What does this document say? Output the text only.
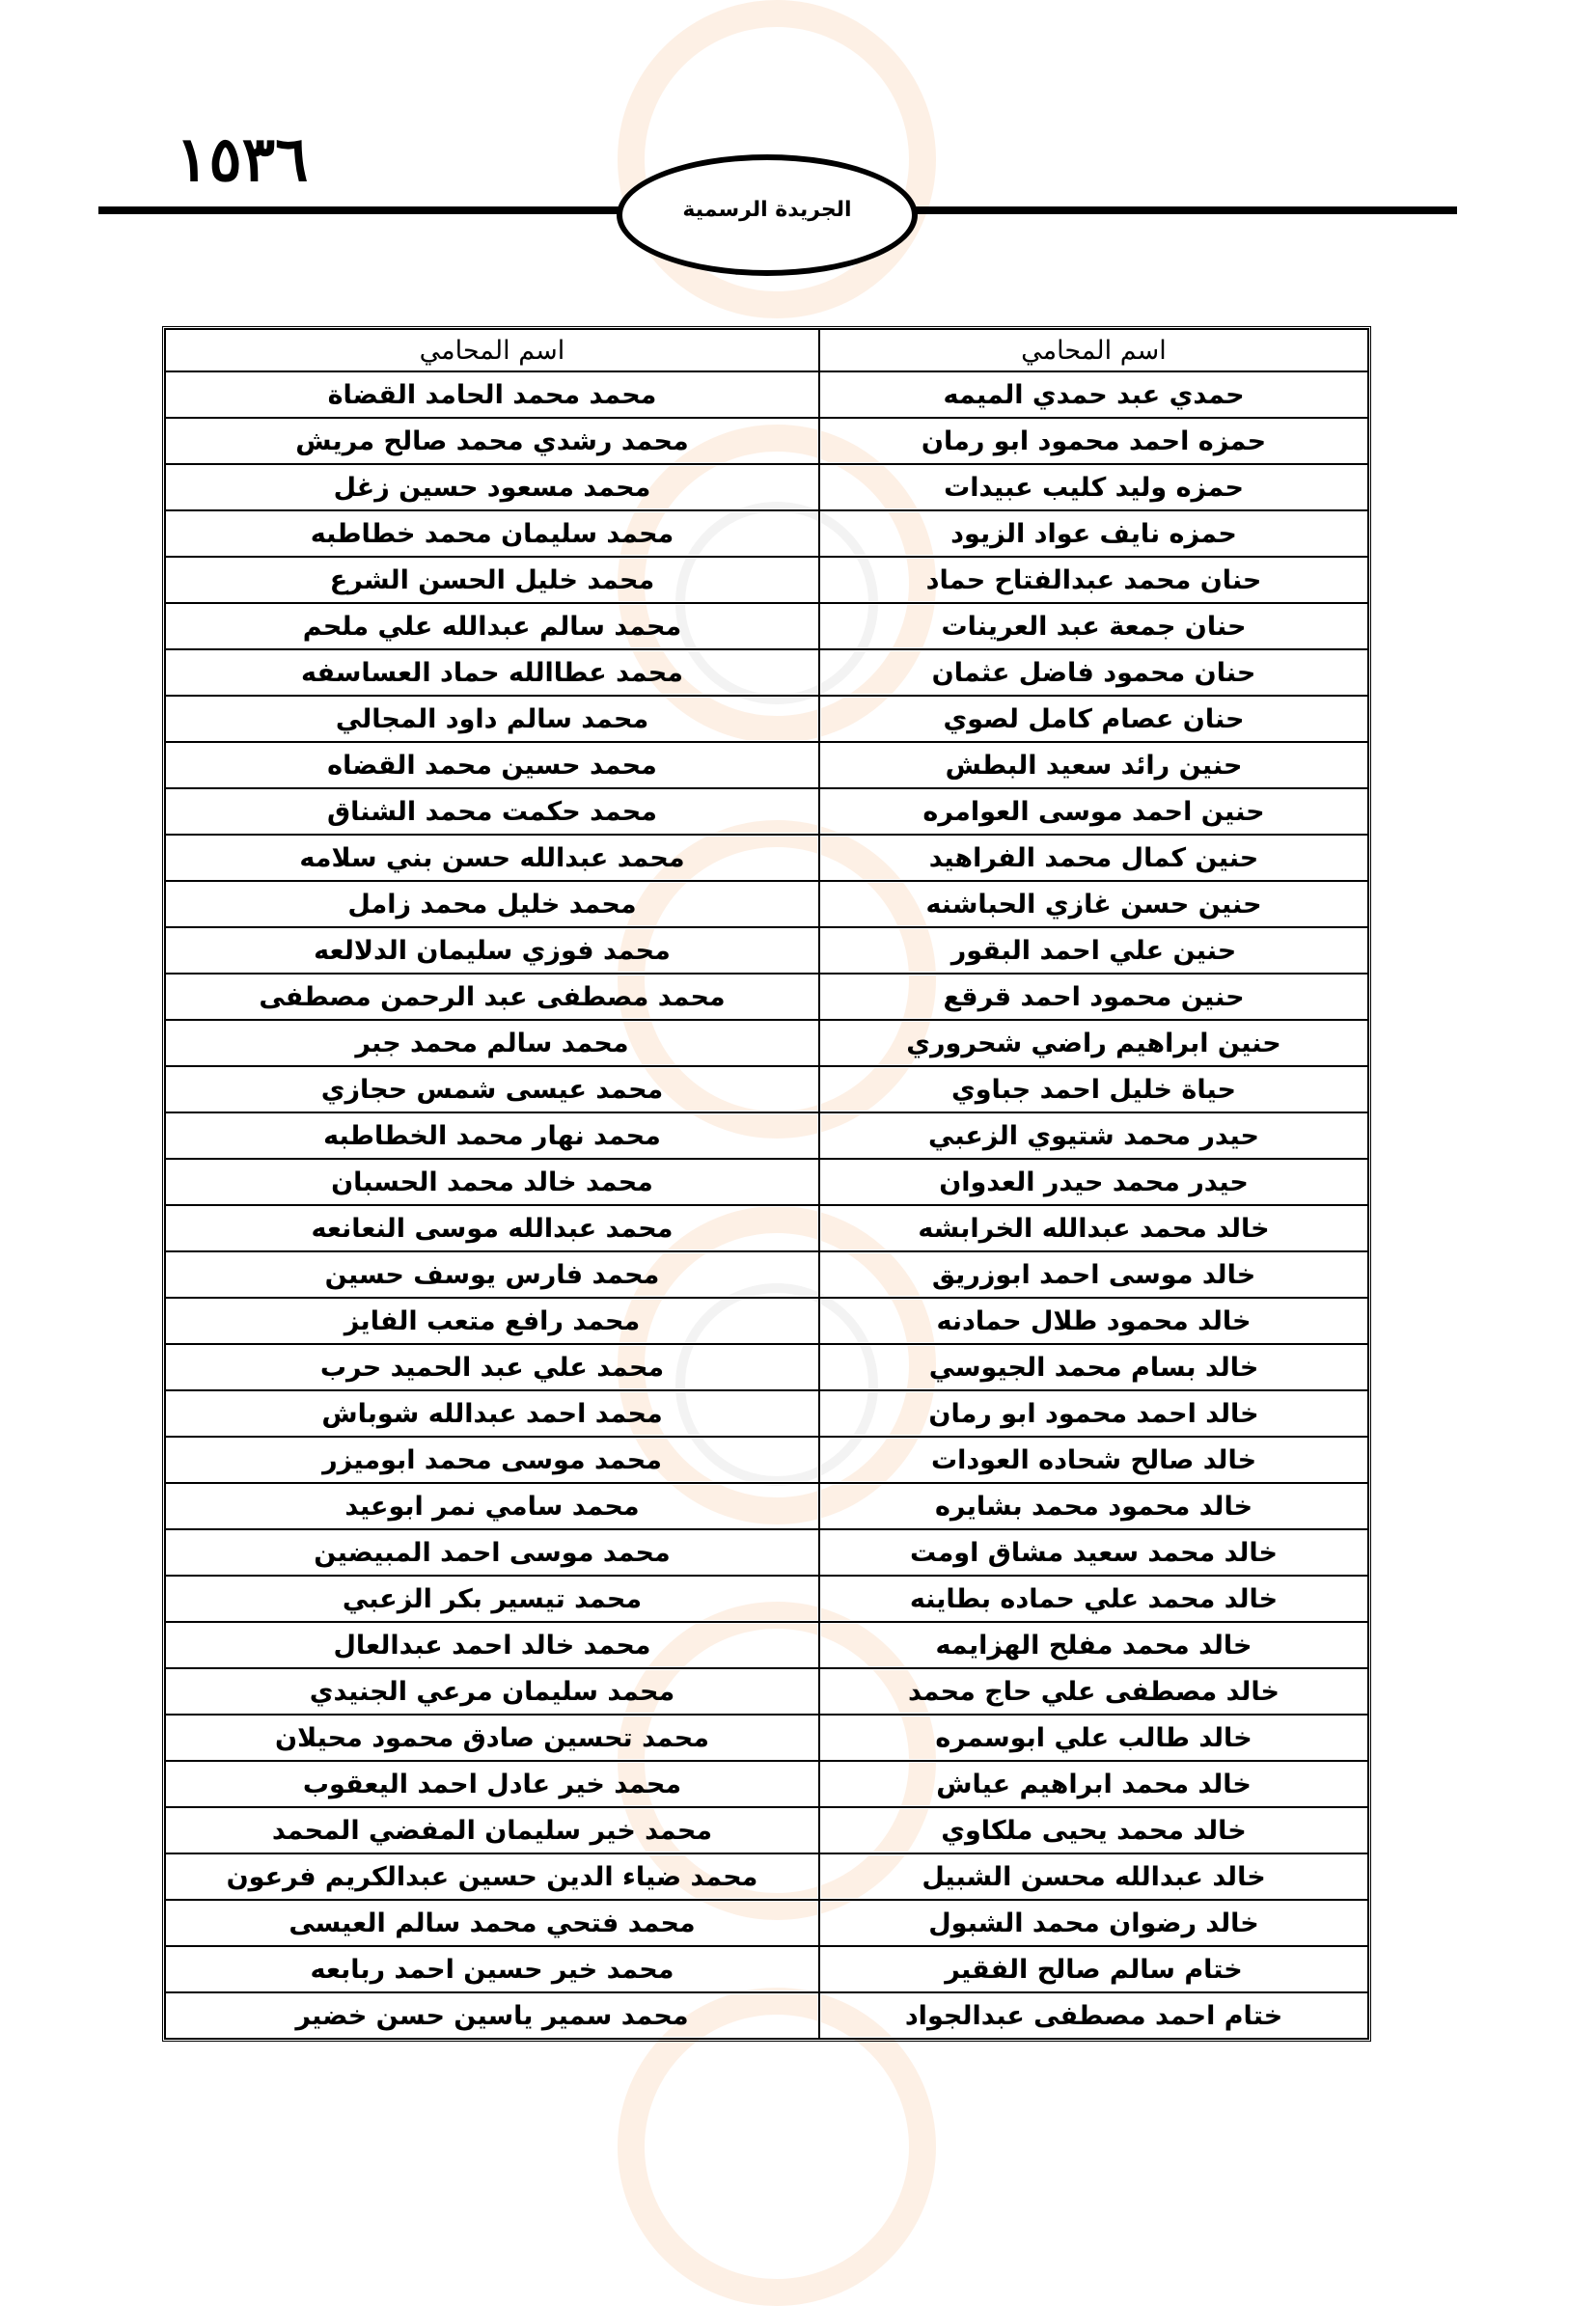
١٥٣٦
الجريدة الرسمية
اسم المحامي	اسم المحامي
حمدي عبد حمدي الميمه	محمد محمد الحامد القضاة
حمزه احمد محمود ابو رمان	محمد رشدي محمد صالح مريش
حمزه وليد كليب عبيدات	محمد مسعود حسين زغل
حمزه نايف عواد الزيود	محمد سليمان محمد خطاطبه
حنان محمد عبدالفتاح حماد	محمد خليل الحسن الشرع
حنان جمعة عبد العرينات	محمد سالم عبدالله علي ملحم
حنان محمود فاضل عثمان	محمد عطاالله حماد العساسفه
حنان عصام كامل لصوي	محمد سالم داود المجالي
حنين رائد سعيد البطش	محمد حسين محمد القضاه
حنين احمد موسى العوامره	محمد حكمت محمد الشناق
حنين كمال محمد الفراهيد	محمد عبدالله حسن بني سلامه
حنين حسن غازي الحباشنه	محمد خليل محمد زامل
حنين علي احمد البقور	محمد فوزي سليمان الدلالعه
حنين محمود احمد قرقع	محمد مصطفى عبد الرحمن مصطفى
حنين ابراهيم راضي شحروري	محمد سالم محمد جبر
حياة خليل احمد جباوي	محمد عيسى شمس حجازي
حيدر محمد شتيوي الزعبي	محمد نهار محمد الخطاطبه
حيدر محمد حيدر العدوان	محمد خالد محمد الحسبان
خالد محمد عبدالله الخرابشه	محمد عبدالله موسى النعانعه
خالد موسى احمد ابوزريق	محمد فارس يوسف حسين
خالد محمود طلال حمادنه	محمد رافع متعب الفايز
خالد بسام محمد الجيوسي	محمد علي عبد الحميد حرب
خالد احمد محمود ابو رمان	محمد احمد عبدالله شوباش
خالد صالح شحاده العودات	محمد موسى محمد ابوميزر
خالد محمود محمد بشايره	محمد سامي نمر ابوعيد
خالد محمد سعيد مشاق اومت	محمد موسى احمد المبيضين
خالد محمد علي حماده بطاينه	محمد تيسير بكر الزعبي
خالد محمد مفلح الهزايمه	محمد خالد احمد عبدالعال
خالد مصطفى علي حاج محمد	محمد سليمان مرعي الجنيدي
خالد طالب علي ابوسمره	محمد تحسين صادق محمود محيلان
خالد محمد ابراهيم عياش	محمد خير عادل احمد اليعقوب
خالد محمد يحيى ملكاوي	محمد خير سليمان المفضي المحمد
خالد عبدالله محسن الشبيل	محمد ضياء الدين حسين عبدالكريم فرعون
خالد رضوان محمد الشبول	محمد فتحي محمد سالم العيسى
ختام سالم صالح الفقير	محمد خير حسين احمد ربابعه
ختام احمد مصطفى عبدالجواد	محمد سمير ياسين حسن خضير
